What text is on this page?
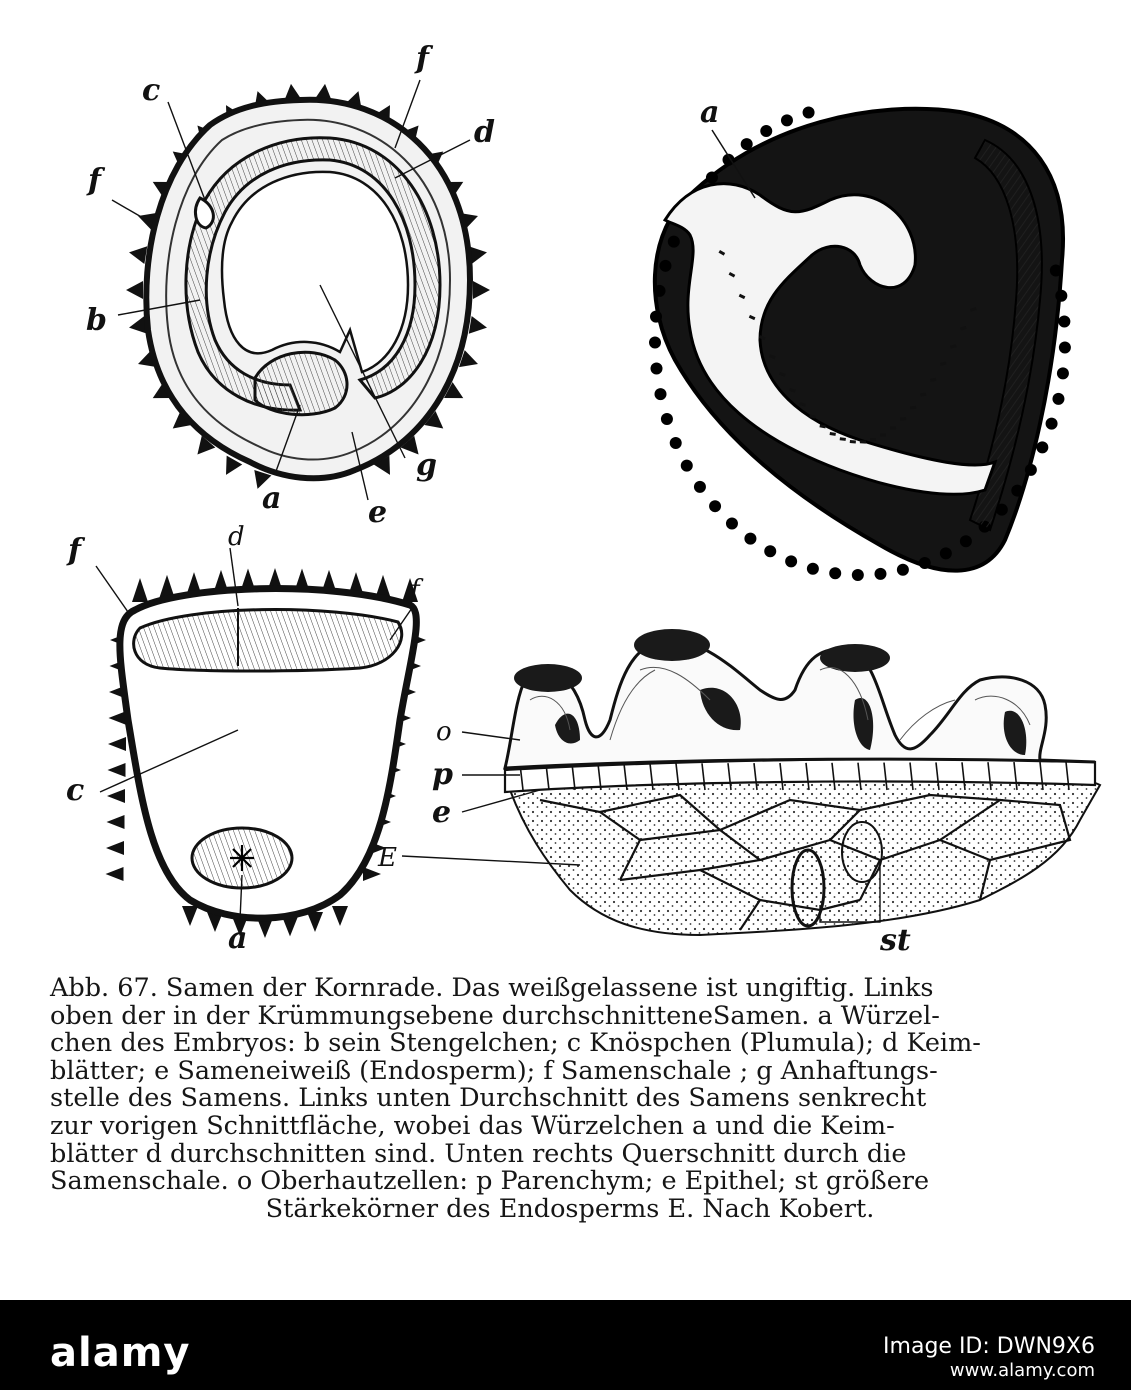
c
f
d
f
b
g
a	e
a
f	d
f
c
a
o
p
e
E
st
Abb. 67. Samen der Kornrade. Das weißgelassene ist ungiftig. Links
oben der in der Krümmungsebene durchschnitteneSamen. a Würzel-
chen des Embryos: b sein Stengelchen; c Knöspchen (Plumula); d Keim-
blätter; e Sameneiweiß (Endosperm); f Samenschale ; g Anhaftungs-
stelle des Samens. Links unten Durchschnitt des Samens senkrecht
zur vorigen Schnittfläche, wobei das Würzelchen a und die Keim-
blätter d durchschnitten sind. Unten rechts Querschnitt durch die
Samenschale. o Oberhautzellen: p Parenchym; e Epithel; st größere
Stärkekörner des Endosperms E. Nach Kobert.
alamy	Image ID: DWN9X6
www.alamy.com
